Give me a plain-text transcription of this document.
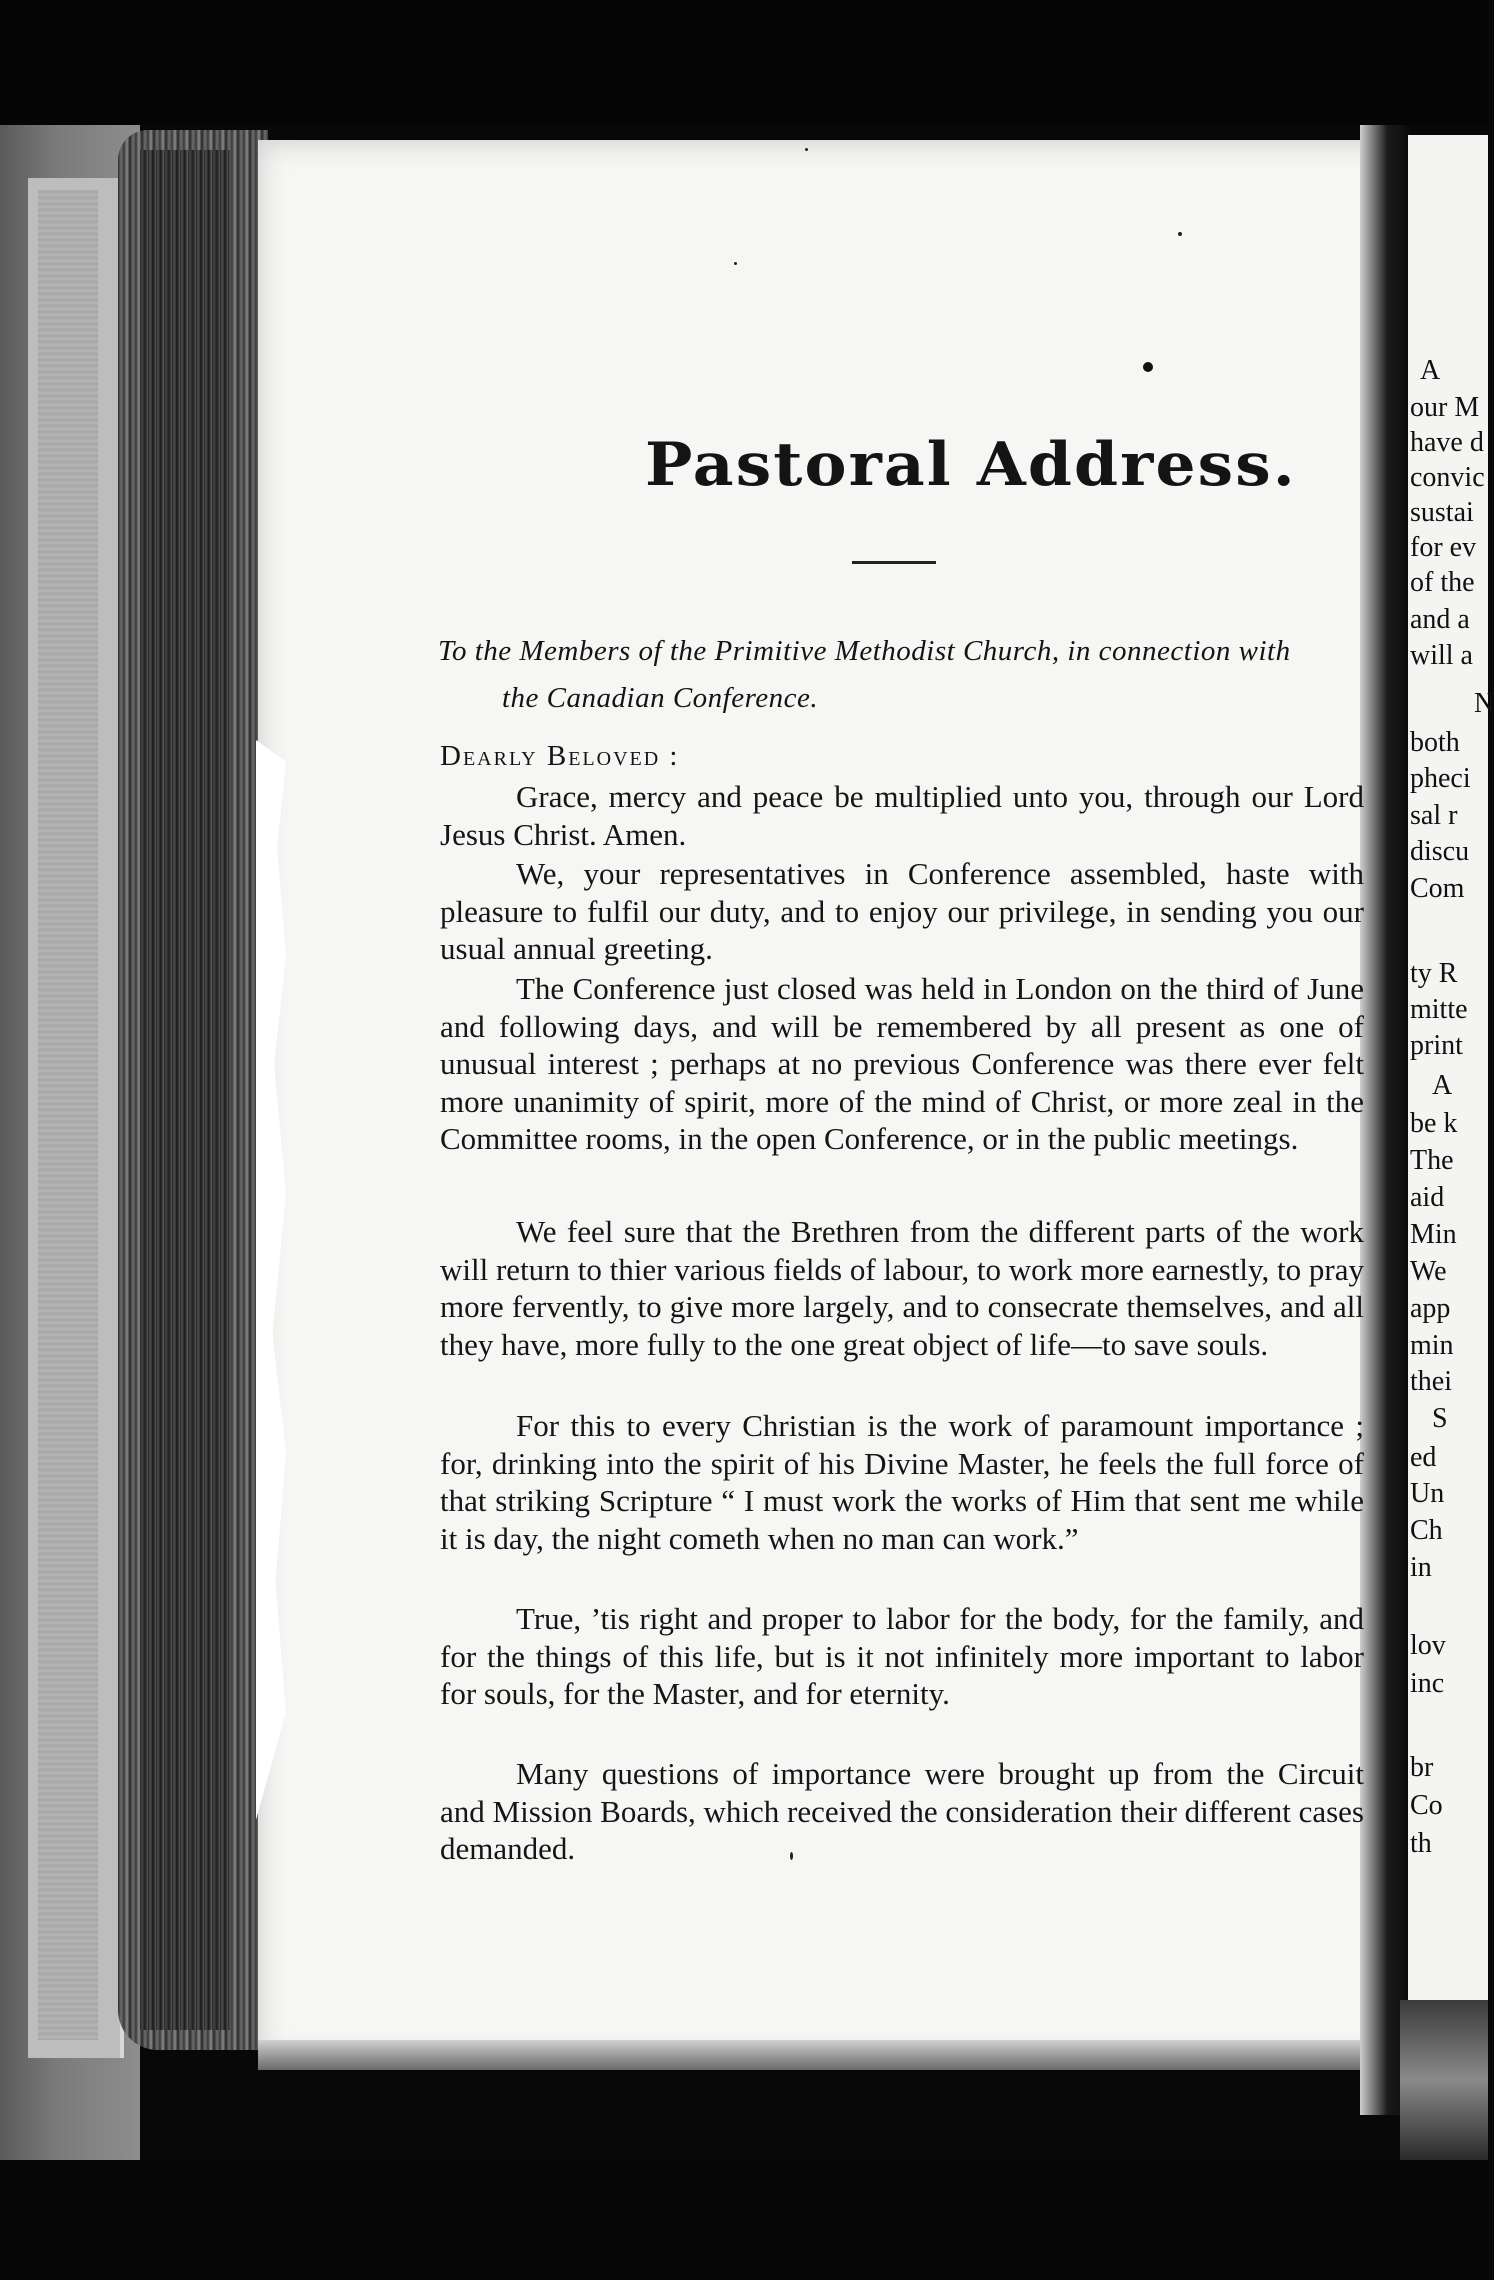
Pastoral Address.
To the Members of the Primitive Methodist Church, in connection with
the Canadian Conference.
Dearly Beloved :

Grace, mercy and peace be multiplied unto you, through our Lord Jesus Christ. Amen.

We, your representatives in Conference assembled, haste with pleasure to fulfil our duty, and to enjoy our privilege, in sending you our usual annual greeting.

The Conference just closed was held in London on the third of June and following days, and will be remembered by all present as one of unusual interest ; perhaps at no previous Conference was there ever felt more unanimity of spirit, more of the mind of Christ, or more zeal in the Committee rooms, in the open Conference, or in the public meetings.

We feel sure that the Brethren from the different parts of the work will return to thier various fields of labour, to work more earnestly, to pray more fervently, to give more largely, and to consecrate themselves, and all they have, more fully to the one great object of life—to save souls.

For this to every Christian is the work of paramount importance ; for, drinking into the spirit of his Divine Master, he feels the full force of that striking Scripture “ I must work the works of Him that sent me while it is day, the night cometh when no man can work.”

True, ’tis right and proper to labor for the body, for the family, and for the things of this life, but is it not infinitely more important to labor for souls, for the Master, and for eternity.

Many questions of importance were brought up from the Circuit and Mission Boards, which received the consideration their different cases demanded.

A
our M
have d
convic
sustai
for ev
of the
and a
will a
N
both
pheci
sal r
discu
Com
ty R
mitte
print
A
be k
The
aid
Min
We
app
min
thei
S
ed
Un
Ch
in
lov
inc
br
Co
th
